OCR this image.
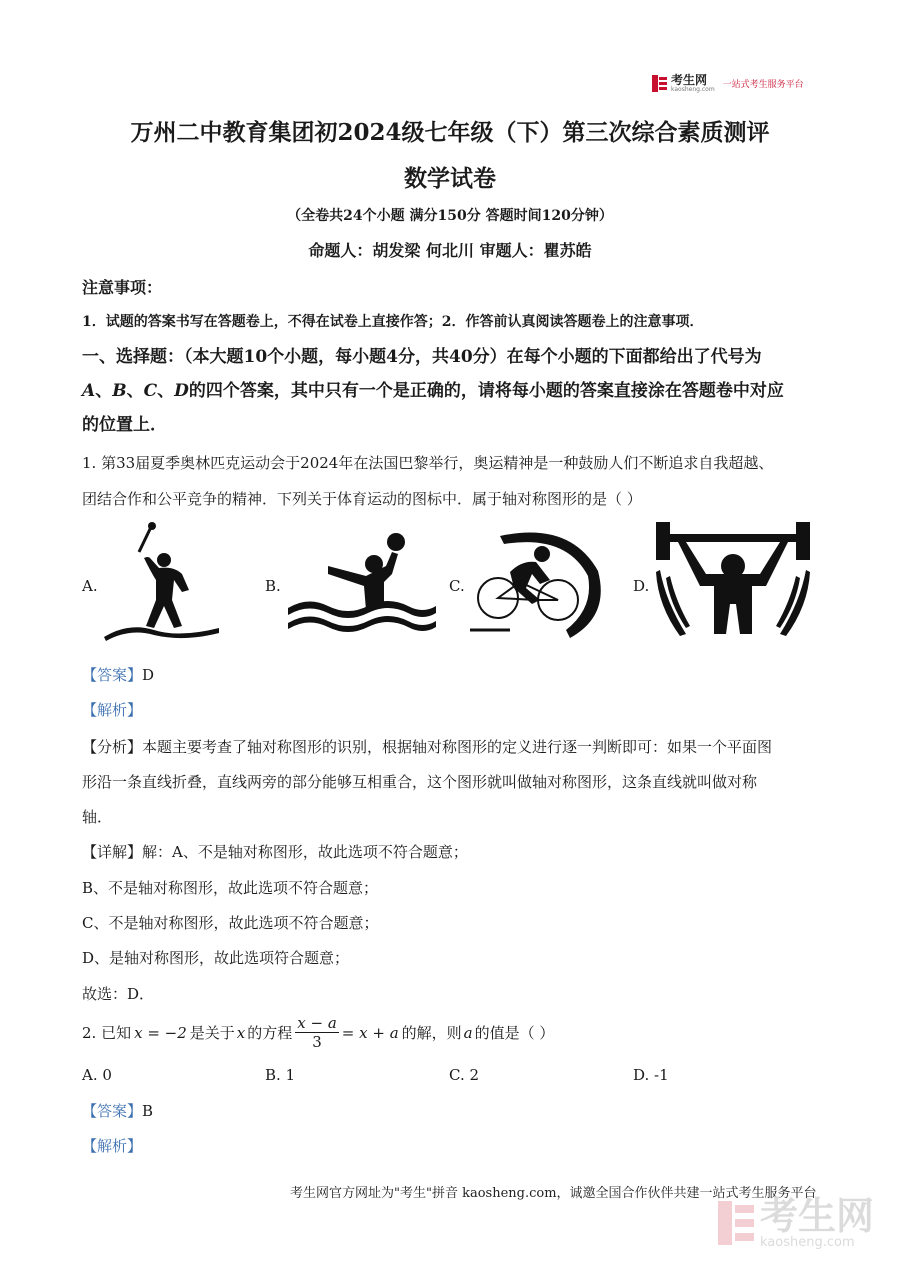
考生网
kaosheng.com 一站式考生服务平台
万州二中教育集团初2024级七年级（下）第三次综合素质测评
数学试卷
（全卷共24个小题 满分150分 答题时间120分钟）
命题人：胡发梁 何北川 审题人：瞿苏皓
注意事项：
1．试题的答案书写在答题卷上，不得在试卷上直接作答；2．作答前认真阅读答题卷上的注意事项．
一、选择题：（本大题10个小题，每小题4分，共40分）在每个小题的下面都给出了代号为
A、B、C、D的四个答案，其中只有一个是正确的，请将每小题的答案直接涂在答题卷中对应
的位置上．
1. 第33届夏季奥林匹克运动会于2024年在法国巴黎举行，奥运精神是一种鼓励人们不断追求自我超越、
团结合作和公平竞争的精神．下列关于体育运动的图标中．属于轴对称图形的是（ ）
A.	B.	C.	D.
【答案】D
【解析】
【分析】本题主要考查了轴对称图形的识别，根据轴对称图形的定义进行逐一判断即可：如果一个平面图
形沿一条直线折叠，直线两旁的部分能够互相重合，这个图形就叫做轴对称图形，这条直线就叫做对称
轴．
【详解】解：A、不是轴对称图形，故此选项不符合题意；
B、不是轴对称图形，故此选项不符合题意；
C、不是轴对称图形，故此选项不符合题意；
D、是轴对称图形，故此选项符合题意；
故选：D．
2. 已知 x = −2 是关于 x 的方程 $\frac{x - a}{3} = x + a$ 的解，则 a 的值是（ ）
A. 0	B. 1	C. 2	D. -1
【答案】B
【解析】
考生网官方网址为"考生"拼音 kaosheng.com，诚邀全国合作伙伴共建一站式考生服务平台
考生网
kaosheng.com
